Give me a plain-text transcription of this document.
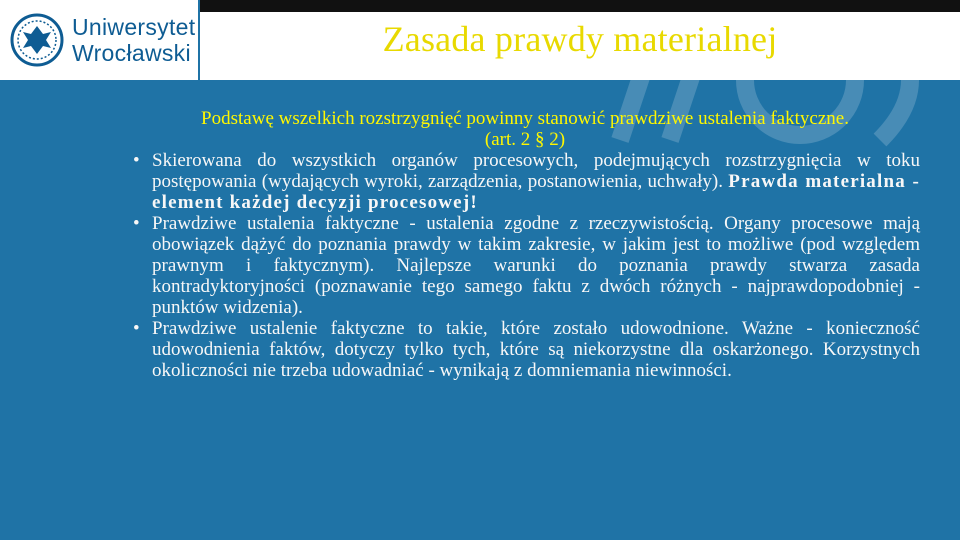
Uniwersytet
Wrocławski	Zasada prawdy materialnej
Podstawę wszelkich rozstrzygnięć powinny stanowić prawdziwe ustalenia faktyczne.
(art. 2 § 2)
• Skierowana do wszystkich organów procesowych, podejmujących rozstrzygnięcia w toku postępowania (wydających wyroki, zarządzenia, postanowienia, uchwały). Prawda materialna - element każdej decyzji procesowej!
• Prawdziwe ustalenia faktyczne - ustalenia zgodne z rzeczywistością. Organy procesowe mają obowiązek dążyć do poznania prawdy w takim zakresie, w jakim jest to możliwe (pod względem prawnym i faktycznym). Najlepsze warunki do poznania prawdy stwarza zasada kontradyktoryjności (poznawanie tego samego faktu z dwóch różnych - najprawdopodobniej - punktów widzenia).
• Prawdziwe ustalenie faktyczne to takie, które zostało udowodnione. Ważne - konieczność udowodnienia faktów, dotyczy tylko tych, które są niekorzystne dla oskarżonego. Korzystnych okoliczności nie trzeba udowadniać - wynikają z domniemania niewinności.
